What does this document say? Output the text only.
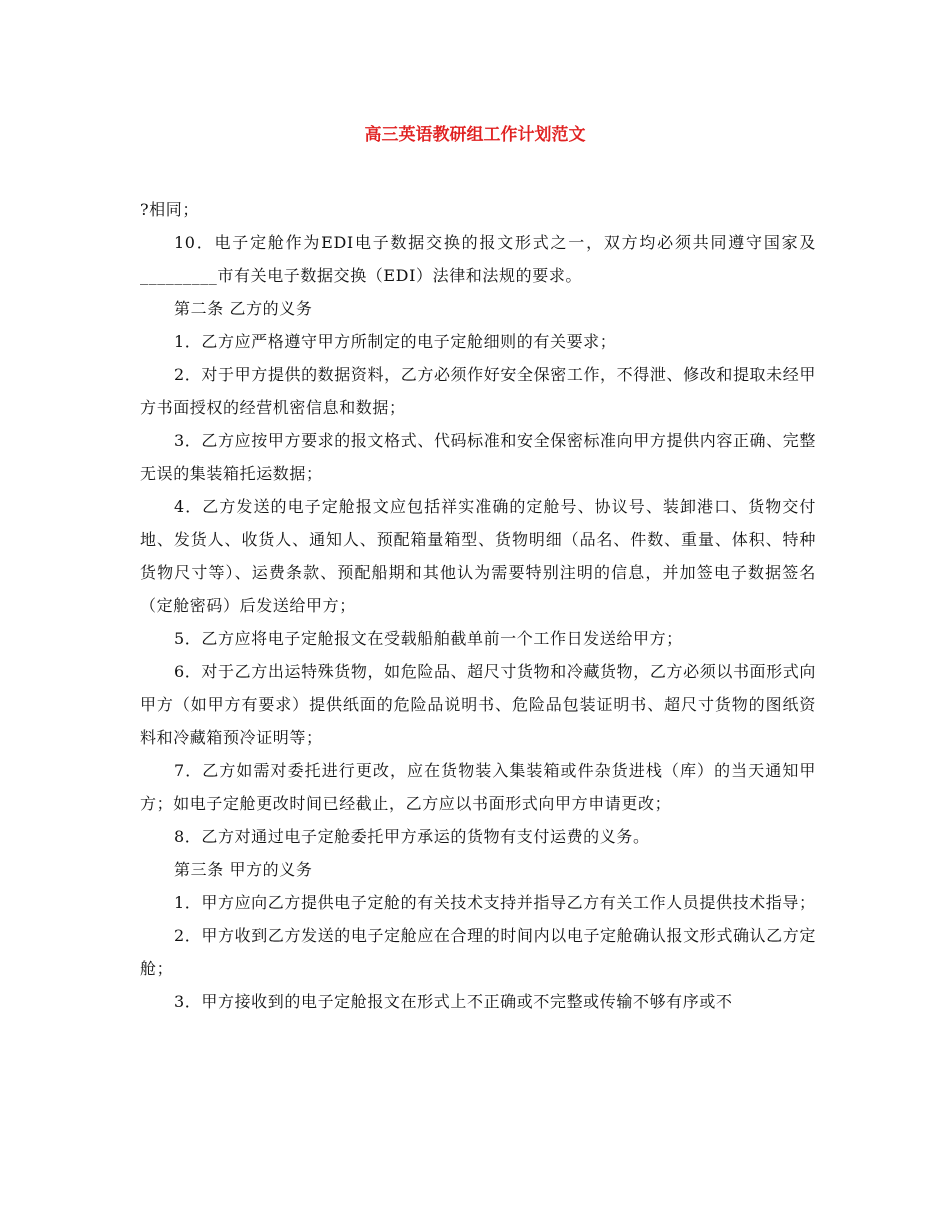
高三英语教研组工作计划范文

?相同；

10．电子定舱作为EDI电子数据交换的报文形式之一，双方均必须共同遵守国家及_________市有关电子数据交换（EDI）法律和法规的要求。

第二条 乙方的义务

1．乙方应严格遵守甲方所制定的电子定舱细则的有关要求；

2．对于甲方提供的数据资料，乙方必须作好安全保密工作，不得泄、修改和提取未经甲方书面授权的经营机密信息和数据；

3．乙方应按甲方要求的报文格式、代码标准和安全保密标准向甲方提供内容正确、完整无误的集装箱托运数据；

4．乙方发送的电子定舱报文应包括祥实准确的定舱号、协议号、装卸港口、货物交付地、发货人、收货人、通知人、预配箱量箱型、货物明细（品名、件数、重量、体积、特种货物尺寸等）、运费条款、预配船期和其他认为需要特别注明的信息，并加签电子数据签名（定舱密码）后发送给甲方；

5．乙方应将电子定舱报文在受载船舶截单前一个工作日发送给甲方；

6．对于乙方出运特殊货物，如危险品、超尺寸货物和冷藏货物，乙方必须以书面形式向甲方（如甲方有要求）提供纸面的危险品说明书、危险品包装证明书、超尺寸货物的图纸资料和冷藏箱预冷证明等；

7．乙方如需对委托进行更改，应在货物装入集装箱或件杂货进栈（库）的当天通知甲方；如电子定舱更改时间已经截止，乙方应以书面形式向甲方申请更改；

8．乙方对通过电子定舱委托甲方承运的货物有支付运费的义务。

第三条 甲方的义务

1．甲方应向乙方提供电子定舱的有关技术支持并指导乙方有关工作人员提供技术指导；

2．甲方收到乙方发送的电子定舱应在合理的时间内以电子定舱确认报文形式确认乙方定舱；

3．甲方接收到的电子定舱报文在形式上不正确或不完整或传输不够有序或不
